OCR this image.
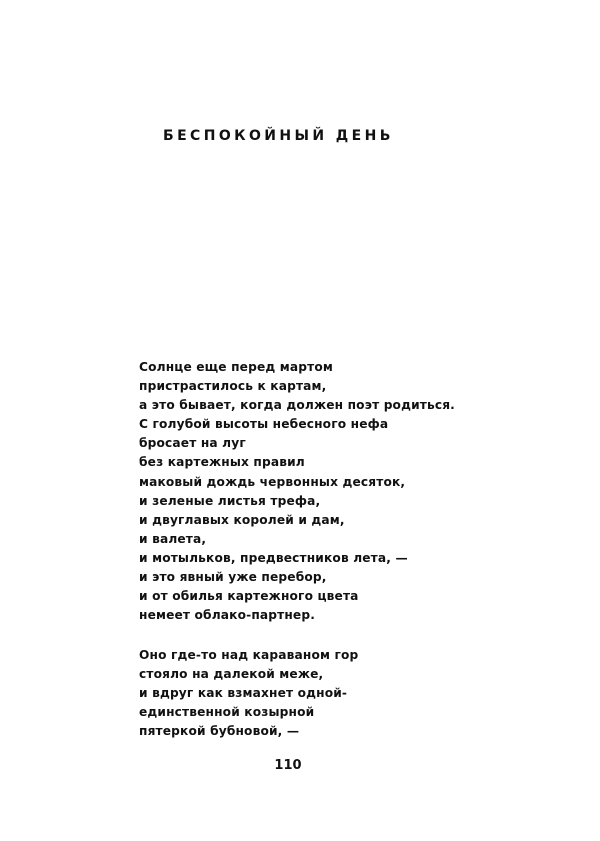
БЕСПОКОЙНЫЙ ДЕНЬ
Солнце еще перед мартом
пристрастилось к картам,
а это бывает, когда должен поэт родиться.
С голубой высоты небесного нефа
бросает на луг
без картежных правил
маковый дождь червонных десяток,
и зеленые листья трефа,
и двуглавых королей и дам,
и валета,
и мотыльков, предвестников лета, —
и это явный уже перебор,
и от обилья картежного цвета
немеет облако-партнер.
Оно где-то над караваном гор
стояло на далекой меже,
и вдруг как взмахнет одной-
единственной козырной
пятеркой бубновой, —
110
